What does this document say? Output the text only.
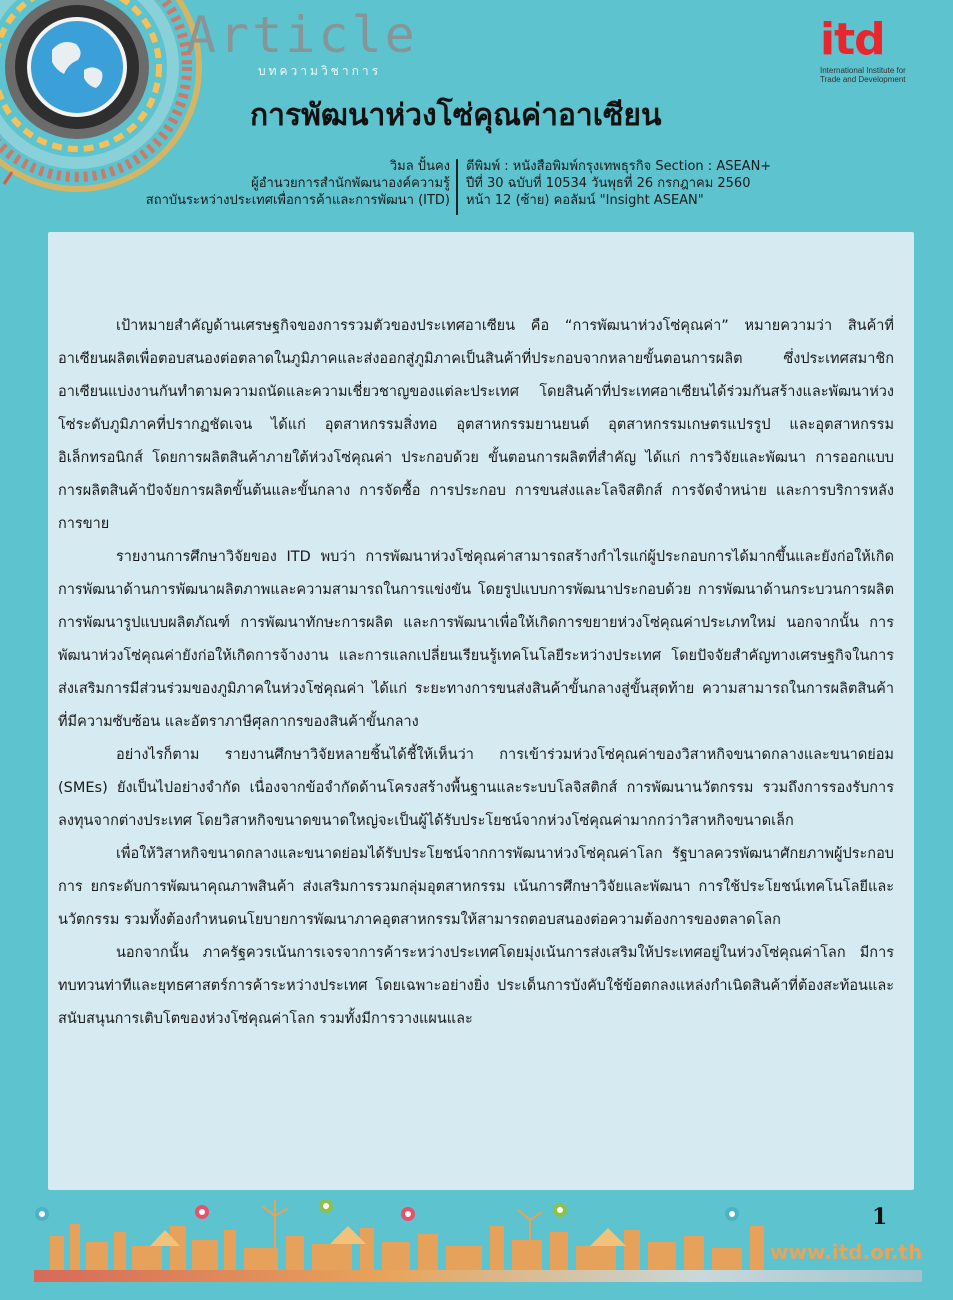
Article
บทความวิชาการ
การพัฒนาห่วงโซ่คุณค่าอาเซียน
itd
International Institute for Trade and Development
วิมล ปั้นคง
ผู้อำนวยการสำนักพัฒนาองค์ความรู้
สถาบันระหว่างประเทศเพื่อการค้าและการพัฒนา (ITD)
ตีพิมพ์ : หนังสือพิมพ์กรุงเทพธุรกิจ Section : ASEAN+
ปีที่ 30 ฉบับที่ 10534 วันพุธที่ 26 กรกฎาคม 2560
หน้า 12 (ซ้าย) คอลัมน์ "Insight ASEAN"

เป้าหมายสำคัญด้านเศรษฐกิจของการรวมตัวของประเทศอาเซียน คือ “การพัฒนาห่วงโซ่คุณค่า” หมายความว่า สินค้าที่อาเซียนผลิตเพื่อตอบสนองต่อตลาดในภูมิภาคและส่งออกสู่ภูมิภาคเป็นสินค้าที่ประกอบจากหลายขั้นตอนการผลิต ซึ่งประเทศสมาชิกอาเซียนแบ่งงานกันทำตามความถนัดและความเชี่ยวชาญของแต่ละประเทศ โดยสินค้าที่ประเทศอาเซียนได้ร่วมกันสร้างและพัฒนาห่วงโซ่ระดับภูมิภาคที่ปรากฏชัดเจน ได้แก่ อุตสาหกรรมสิ่งทอ อุตสาหกรรมยานยนต์ อุตสาหกรรมเกษตรแปรรูป และอุตสาหกรรมอิเล็กทรอนิกส์ โดยการผลิตสินค้าภายใต้ห่วงโซ่คุณค่า ประกอบด้วย ขั้นตอนการผลิตที่สำคัญ ได้แก่ การวิจัยและพัฒนา การออกแบบ การผลิตสินค้าปัจจัยการผลิตขั้นต้นและขั้นกลาง การจัดซื้อ การประกอบ การขนส่งและโลจิสติกส์ การจัดจำหน่าย และการบริการหลังการขาย

รายงานการศึกษาวิจัยของ ITD พบว่า การพัฒนาห่วงโซ่คุณค่าสามารถสร้างกำไรแก่ผู้ประกอบการได้มากขึ้นและยังก่อให้เกิดการพัฒนาด้านการพัฒนาผลิตภาพและความสามารถในการแข่งขัน โดยรูปแบบการพัฒนาประกอบด้วย การพัฒนาด้านกระบวนการผลิต การพัฒนารูปแบบผลิตภัณฑ์ การพัฒนาทักษะการผลิต และการพัฒนาเพื่อให้เกิดการขยายห่วงโซ่คุณค่าประเภทใหม่ นอกจากนั้น การพัฒนาห่วงโซ่คุณค่ายังก่อให้เกิดการจ้างงาน และการแลกเปลี่ยนเรียนรู้เทคโนโลยีระหว่างประเทศ โดยปัจจัยสำคัญทางเศรษฐกิจในการส่งเสริมการมีส่วนร่วมของภูมิภาคในห่วงโซ่คุณค่า ได้แก่ ระยะทางการขนส่งสินค้าขั้นกลางสู่ขั้นสุดท้าย ความสามารถในการผลิตสินค้าที่มีความซับซ้อน และอัตราภาษีศุลกากรของสินค้าขั้นกลาง

อย่างไรก็ตาม รายงานศึกษาวิจัยหลายชิ้นได้ชี้ให้เห็นว่า การเข้าร่วมห่วงโซ่คุณค่าของวิสาหกิจขนาดกลางและขนาดย่อม (SMEs) ยังเป็นไปอย่างจำกัด เนื่องจากข้อจำกัดด้านโครงสร้างพื้นฐานและระบบโลจิสติกส์ การพัฒนานวัตกรรม รวมถึงการรองรับการลงทุนจากต่างประเทศ โดยวิสาหกิจขนาดขนาดใหญ่จะเป็นผู้ได้รับประโยชน์จากห่วงโซ่คุณค่ามากกว่าวิสาหกิจขนาดเล็ก

เพื่อให้วิสาหกิจขนาดกลางและขนาดย่อมได้รับประโยชน์จากการพัฒนาห่วงโซ่คุณค่าโลก รัฐบาลควรพัฒนาศักยภาพผู้ประกอบการ ยกระดับการพัฒนาคุณภาพสินค้า ส่งเสริมการรวมกลุ่มอุตสาหกรรม เน้นการศึกษาวิจัยและพัฒนา การใช้ประโยชน์เทคโนโลยีและนวัตกรรม รวมทั้งต้องกำหนดนโยบายการพัฒนาภาคอุตสาหกรรมให้สามารถตอบสนองต่อความต้องการของตลาดโลก

นอกจากนั้น ภาครัฐควรเน้นการเจรจาการค้าระหว่างประเทศโดยมุ่งเน้นการส่งเสริมให้ประเทศอยู่ในห่วงโซ่คุณค่าโลก มีการทบทวนท่าทีและยุทธศาสตร์การค้าระหว่างประเทศ โดยเฉพาะอย่างยิ่ง ประเด็นการบังคับใช้ข้อตกลงแหล่งกำเนิดสินค้าที่ต้องสะท้อนและสนับสนุนการเติบโตของห่วงโซ่คุณค่าโลก รวมทั้งมีการวางแผนและ

1
www.itd.or.th
